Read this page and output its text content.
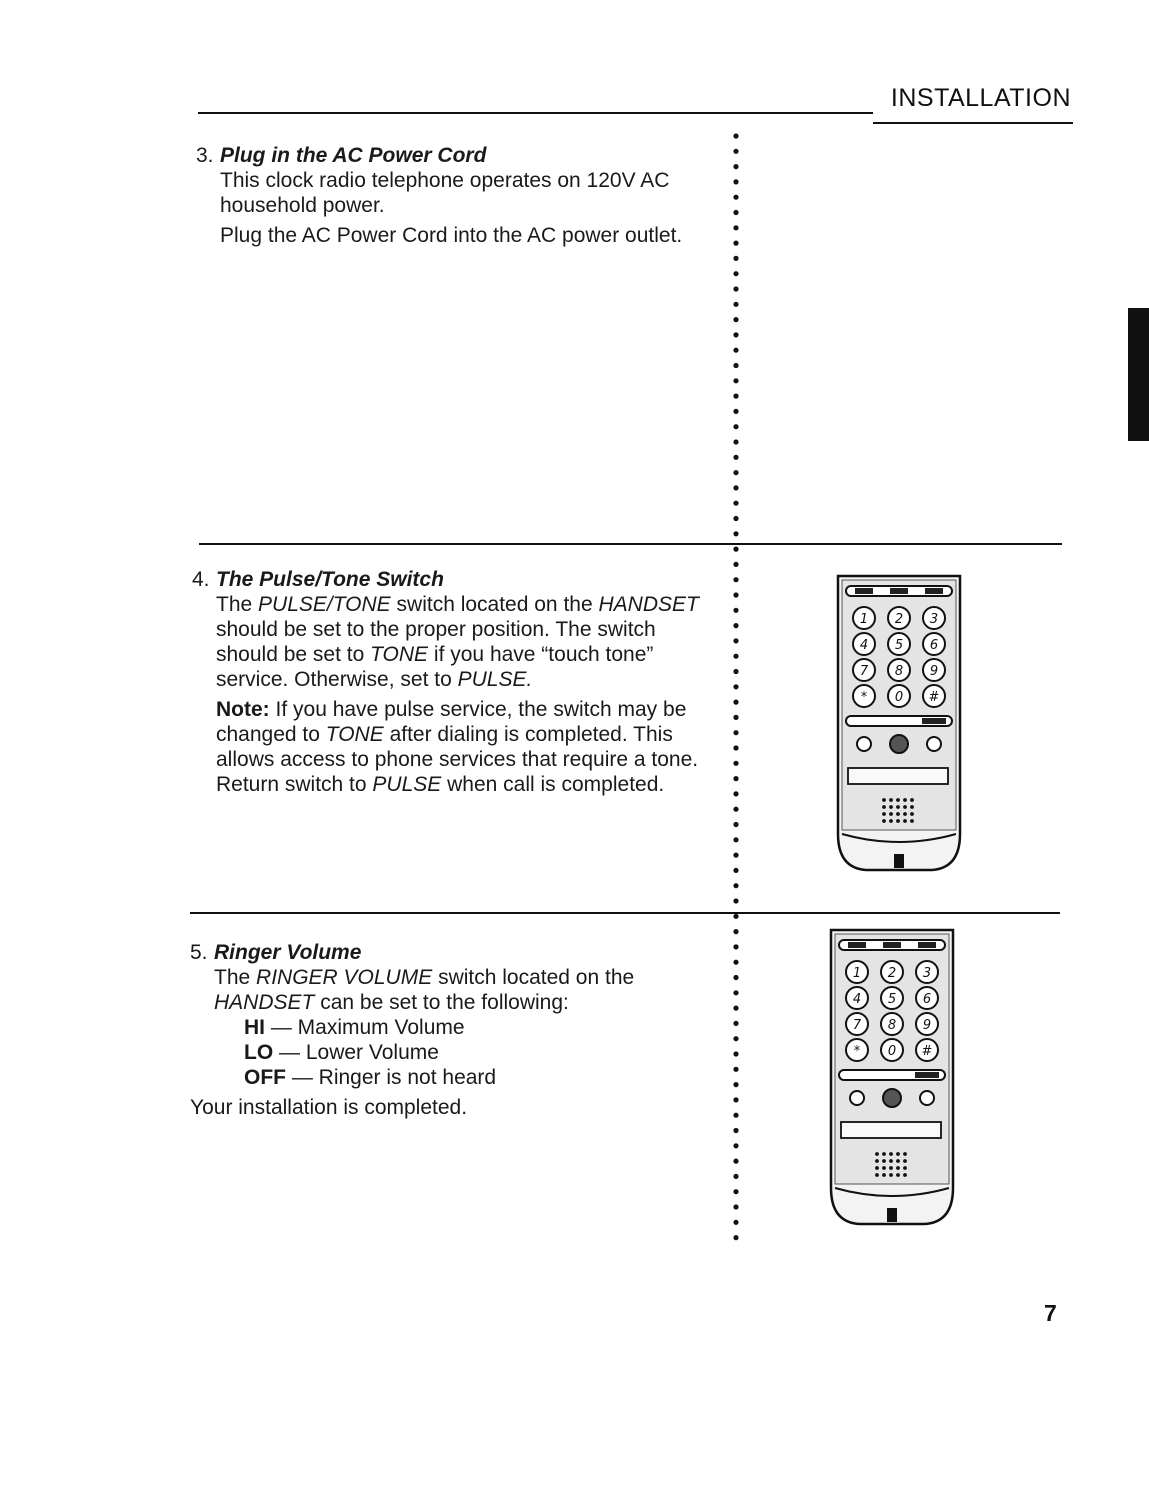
INSTALLATION
3. Plug in the AC Power Cord

This clock radio telephone operates on 120V AC household power.

Plug the AC Power Cord into the AC power outlet.

4. The Pulse/Tone Switch

The PULSE/TONE switch located on the HANDSET should be set to the proper position. The switch should be set to TONE if you have “touch tone” service. Otherwise, set to PULSE.

Note: If you have pulse service, the switch may be changed to TONE after dialing is completed. This allows access to phone services that require a tone. Return switch to PULSE when call is completed.

5. Ringer Volume

The RINGER VOLUME switch located on the HANDSET can be set to the following:

HI — Maximum Volume
LO — Lower Volume
OFF — Ringer is not heard

Your installation is completed.

1 2 3
4 5 6
7 8 9
* 0 #
1 2 3
4 5 6
7 8 9
* 0 #
7
